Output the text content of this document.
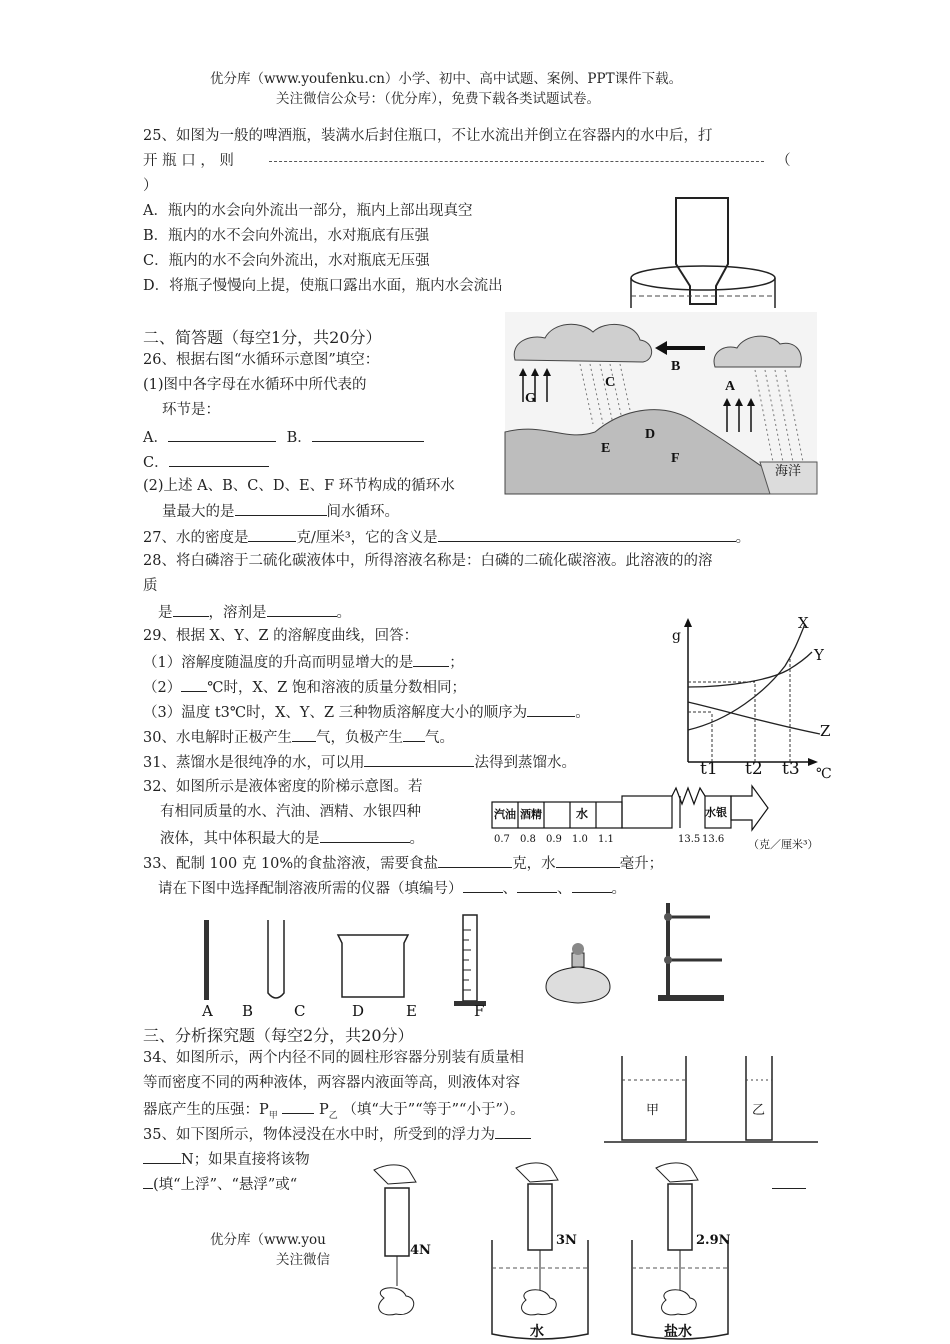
优分库（www.youfenku.cn）小学、初中、高中试题、案例、PPT课件下载。
关注微信公众号：（优分库），免费下载各类试题试卷。
25、如图为一般的啤酒瓶，装满水后封住瓶口，不让水流出并倒立在容器内的水中后，打
开 瓶 口 ， 则	（
）
A．瓶内的水会向外流出一部分，瓶内上部出现真空
B．瓶内的水不会向外流出，水对瓶底有压强
C．瓶内的水不会向外流出，水对瓶底无压强
D．将瓶子慢慢向上提，使瓶口露出水面，瓶内水会流出
二、简答题（每空1分，共20分）
26、根据右图“水循环示意图”填空：
(1)图中各字母在水循环中所代表的
环节是：
A．	B．
C．
(2)上述 A、B、C、D、E、F 环节构成的循环水
量最大的是	间水循环。
A
B
C
D
E
F
G
海洋
27、水的密度是	克/厘米³，它的含义是	。
28、将白磷溶于二硫化碳液体中，所得溶液名称是：白磷的二硫化碳溶液。此溶液的的溶
质
是 ，溶剂是	。
29、根据 X、Y、Z 的溶解度曲线，回答：
（1）溶解度随温度的升高而明显增大的是 ；
（2） ℃时，X、Z 饱和溶液的质量分数相同；
（3）温度 t3℃时，X、Y、Z 三种物质溶解度大小的顺序为	。
g
X
Y
Z
t1 t2 t3 ℃
30、水电解时正极产生 气，负极产生 气。
31、蒸馏水是很纯净的水，可以用	法得到蒸馏水。
32、如图所示是液体密度的阶梯示意图。若
有相同质量的水、汽油、酒精、水银四种
液体，其中体积最大的是	。
汽油 酒精	水	水银
0.7 0.8 0.9 1.0 1.1	13.5 13.6 （克／厘米³）
33、配制 100 克 10%的食盐溶液，需要食盐	克，水	毫升；
请在下图中选择配制溶液所需的仪器（填编号）	、	、	。
A B	C	D	E	F
三、分析探究题（每空2分，共20分）
34、如图所示，两个内径不同的圆柱形容器分别装有质量相
等而密度不同的两种液体，两容器内液面等高，则液体对容
器底产生的压强：$P_甲$	$P_乙$ （填“大于”“等于”“小于”）。	甲	乙
35、如下图所示，物体浸没在水中时，所受到的浮力为
N；如果直接将该物
(填“上浮”、“悬浮”或“
优分库（www.you
关注微信
4N
3N
水
2.9N
盐水
